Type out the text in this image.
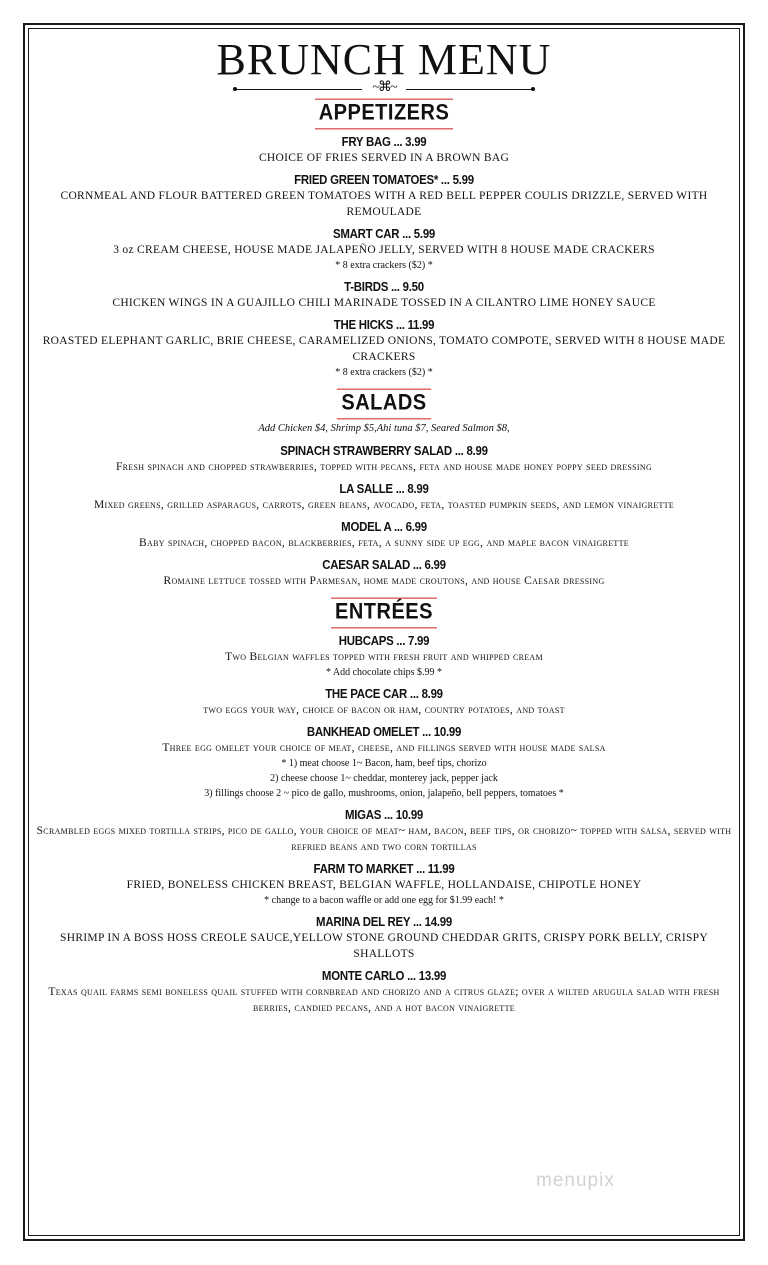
BRUNCH MENU
~⌘~
APPETIZERS
FRY BAG ... 3.99
CHOICE OF FRIES SERVED IN A BROWN BAG
FRIED GREEN TOMATOES* ... 5.99
CORNMEAL AND FLOUR BATTERED GREEN TOMATOES WITH A RED BELL PEPPER COULIS DRIZZLE, SERVED WITH REMOULADE
SMART CAR ... 5.99
3 oz CREAM CHEESE, HOUSE MADE JALAPEÑO JELLY, SERVED WITH 8 HOUSE MADE CRACKERS
* 8 extra crackers ($2) *
T-BIRDS ... 9.50
CHICKEN WINGS IN A GUAJILLO CHILI MARINADE TOSSED IN A CILANTRO LIME HONEY SAUCE
THE HICKS ... 11.99
ROASTED ELEPHANT GARLIC, BRIE CHEESE, CARAMELIZED ONIONS, TOMATO COMPOTE, SERVED WITH 8 HOUSE MADE CRACKERS
* 8 extra crackers ($2) *
SALADS
Add Chicken $4, Shrimp $5,Ahi tuna $7, Seared Salmon $8,
SPINACH STRAWBERRY SALAD ... 8.99
Fresh spinach and chopped strawberries, topped with pecans, feta and house made honey poppy seed dressing
LA SALLE ... 8.99
Mixed greens, grilled asparagus, carrots, green beans, avocado, feta, toasted pumpkin seeds, and lemon vinaigrette
MODEL A ... 6.99
Baby spinach, chopped bacon, blackberries, feta, a sunny side up egg, and maple bacon vinaigrette
CAESAR SALAD ... 6.99
Romaine lettuce tossed with Parmesan, home made croutons, and house Caesar dressing
ENTRÉES
HUBCAPS ... 7.99
Two Belgian waffles topped with fresh fruit and whipped cream
* Add chocolate chips $.99 *
THE PACE CAR ... 8.99
two eggs your way, choice of bacon or ham, country potatoes, and toast
BANKHEAD OMELET ... 10.99
Three egg omelet your choice of meat, cheese, and fillings served with house made salsa
* 1) meat choose 1~ Bacon, ham, beef tips, chorizo
2) cheese choose 1~ cheddar, monterey jack, pepper jack
3) fillings choose 2 ~ pico de gallo, mushrooms, onion, jalapeño, bell peppers, tomatoes *
MIGAS ... 10.99
Scrambled eggs mixed tortilla strips, pico de gallo, your choice of meat~ ham, bacon, beef tips, or chorizo~ topped with salsa, served with refried beans and two corn tortillas
FARM TO MARKET ... 11.99
FRIED, BONELESS CHICKEN BREAST, BELGIAN WAFFLE, HOLLANDAISE, CHIPOTLE HONEY
* change to a bacon waffle or add one egg for $1.99 each! *
MARINA DEL REY ... 14.99
SHRIMP IN A BOSS HOSS CREOLE SAUCE,YELLOW STONE GROUND CHEDDAR GRITS, CRISPY PORK BELLY, CRISPY SHALLOTS
MONTE CARLO ... 13.99
Texas quail farms semi boneless quail stuffed with cornbread and chorizo and a citrus glaze; over a wilted arugula salad with fresh berries, candied pecans, and a hot bacon vinaigrette
menupix
